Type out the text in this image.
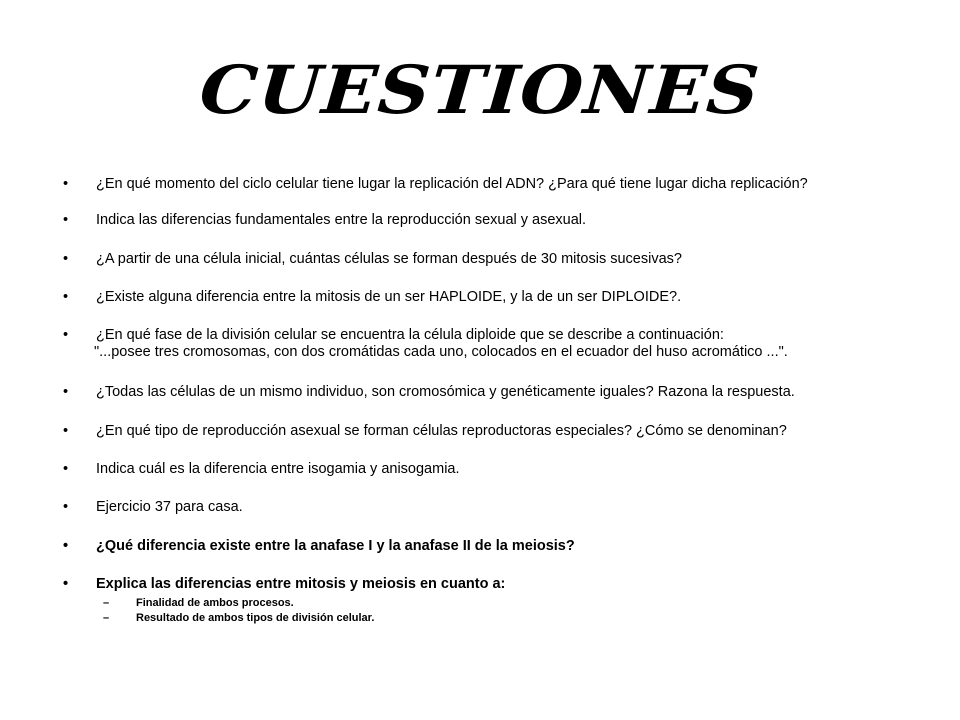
CUESTIONES
• ¿En qué momento del ciclo celular tiene lugar la replicación del ADN? ¿Para qué tiene lugar dicha replicación?
• Indica las diferencias fundamentales entre la reproducción sexual y asexual.
• ¿A partir de una célula inicial, cuántas células se forman después de 30 mitosis sucesivas?
• ¿Existe alguna diferencia entre la mitosis de un ser HAPLOIDE, y la de un ser DIPLOIDE?.
• ¿En qué fase de la división celular se encuentra la célula diploide que se describe a continuación:
"...posee tres cromosomas, con dos cromátidas cada uno, colocados en el ecuador del huso acromático ...".
• ¿Todas las células de un mismo individuo, son cromosómica y genéticamente iguales? Razona la respuesta.
• ¿En qué tipo de reproducción asexual se forman células reproductoras especiales? ¿Cómo se denominan?
• Indica cuál es la diferencia entre isogamia y anisogamia.
• Ejercicio 37 para casa.
• ¿Qué diferencia existe entre la anafase I y la anafase II de la meiosis?
• Explica las diferencias entre mitosis y meiosis en cuanto a:
– Finalidad de ambos procesos.
– Resultado de ambos tipos de división celular.
